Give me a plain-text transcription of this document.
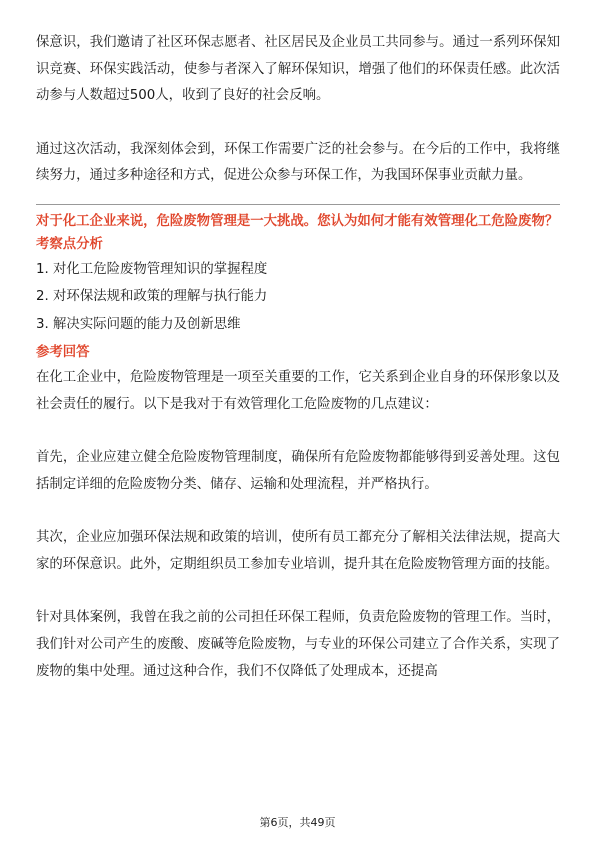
保意识，我们邀请了社区环保志愿者、社区居民及企业员工共同参与。通过一系列环保知识竞赛、环保实践活动，使参与者深入了解环保知识，增强了他们的环保责任感。此次活动参与人数超过500人，收到了良好的社会反响。

通过这次活动，我深刻体会到，环保工作需要广泛的社会参与。在今后的工作中，我将继续努力，通过多种途径和方式，促进公众参与环保工作，为我国环保事业贡献力量。

对于化工企业来说，危险废物管理是一大挑战。您认为如何才能有效管理化工危险废物？

考察点分析

1. 对化工危险废物管理知识的掌握程度

2. 对环保法规和政策的理解与执行能力

3. 解决实际问题的能力及创新思维

参考回答

在化工企业中，危险废物管理是一项至关重要的工作，它关系到企业自身的环保形象以及社会责任的履行。以下是我对于有效管理化工危险废物的几点建议：

首先，企业应建立健全危险废物管理制度，确保所有危险废物都能够得到妥善处理。这包括制定详细的危险废物分类、储存、运输和处理流程，并严格执行。

其次，企业应加强环保法规和政策的培训，使所有员工都充分了解相关法律法规，提高大家的环保意识。此外，定期组织员工参加专业培训，提升其在危险废物管理方面的技能。

针对具体案例，我曾在我之前的公司担任环保工程师，负责危险废物的管理工作。当时，我们针对公司产生的废酸、废碱等危险废物，与专业的环保公司建立了合作关系，实现了废物的集中处理。通过这种合作，我们不仅降低了处理成本，还提高

第6页，共49页
